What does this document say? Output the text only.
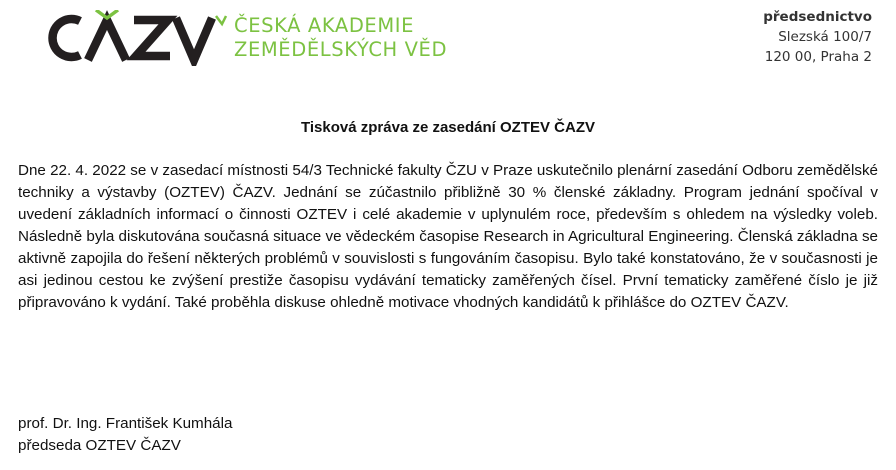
ČESKÁ AKADEMIE
ZEMĚDĚLSKÝCH VĚD
předsednictvo
Slezská 100/7
120 00, Praha 2
Tisková zpráva ze zasedání OZTEV ČAZV
Dne 22. 4. 2022 se v zasedací místnosti 54/3 Technické fakulty ČZU v Praze uskutečnilo plenární zasedání Odboru zemědělské techniky a výstavby (OZTEV) ČAZV. Jednání se zúčastnilo přibližně 30 % členské základny. Program jednání spočíval v uvedení základních informací o činnosti OZTEV i celé akademie v uplynulém roce, především s ohledem na výsledky voleb. Následně byla diskutována současná situace ve vědeckém časopise Research in Agricultural Engineering. Členská základna se aktivně zapojila do řešení některých problémů v souvislosti s fungováním časopisu. Bylo také konstatováno, že v současnosti je asi jedinou cestou ke zvýšení prestiže časopisu vydávání tematicky zaměřených čísel. První tematicky zaměřené číslo je již připravováno k vydání. Také proběhla diskuse ohledně motivace vhodných kandidátů k přihlášce do OZTEV ČAZV.
prof. Dr. Ing. František Kumhála
předseda OZTEV ČAZV
